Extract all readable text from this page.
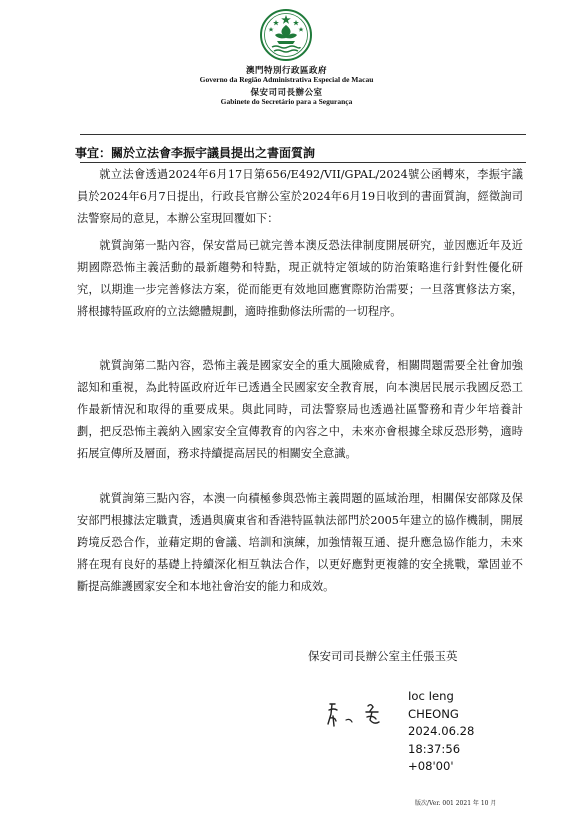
澳門特別行政區政府
Governo da Região Administrativa Especial de Macau
保安司司長辦公室
Gabinete do Secretário para a Segurança
事宜：關於立法會李振宇議員提出之書面質詢

就立法會透過2024年6月17日第656/E492/VII/GPAL/2024號公函轉來，李振宇議員於2024年6月7日提出，行政長官辦公室於2024年6月19日收到的書面質詢，經徵詢司法警察局的意見，本辦公室現回覆如下：

就質詢第一點內容，保安當局已就完善本澳反恐法律制度開展研究，並因應近年及近期國際恐怖主義活動的最新趨勢和特點，現正就特定領域的防治策略進行針對性優化研究，以期進一步完善修法方案，從而能更有效地回應實際防治需要；一旦落實修法方案，將根據特區政府的立法總體規劃，適時推動修法所需的一切程序。

就質詢第二點內容，恐怖主義是國家安全的重大風險威脅，相關問題需要全社會加強認知和重視，為此特區政府近年已透過全民國家安全教育展，向本澳居民展示我國反恐工作最新情況和取得的重要成果。與此同時，司法警察局也透過社區警務和青少年培養計劃，把反恐怖主義納入國家安全宣傳教育的內容之中，未來亦會根據全球反恐形勢，適時拓展宣傳所及層面，務求持續提高居民的相關安全意識。

就質詢第三點內容，本澳一向積極參與恐怖主義問題的區域治理，相關保安部隊及保安部門根據法定職責，透過與廣東省和香港特區執法部門於2005年建立的協作機制，開展跨境反恐合作，並藉定期的會議、培訓和演練，加強情報互通、提升應急協作能力，未來將在現有良好的基礎上持續深化相互執法合作，以更好應對更複雜的安全挑戰，鞏固並不斷提高維護國家安全和本地社會治安的能力和成效。

保安司司長辦公室主任張玉英
Ioc Ieng
CHEONG
2024.06.28
18:37:56
+08'00'
版次/Ver. 001 2021 年 10 月
